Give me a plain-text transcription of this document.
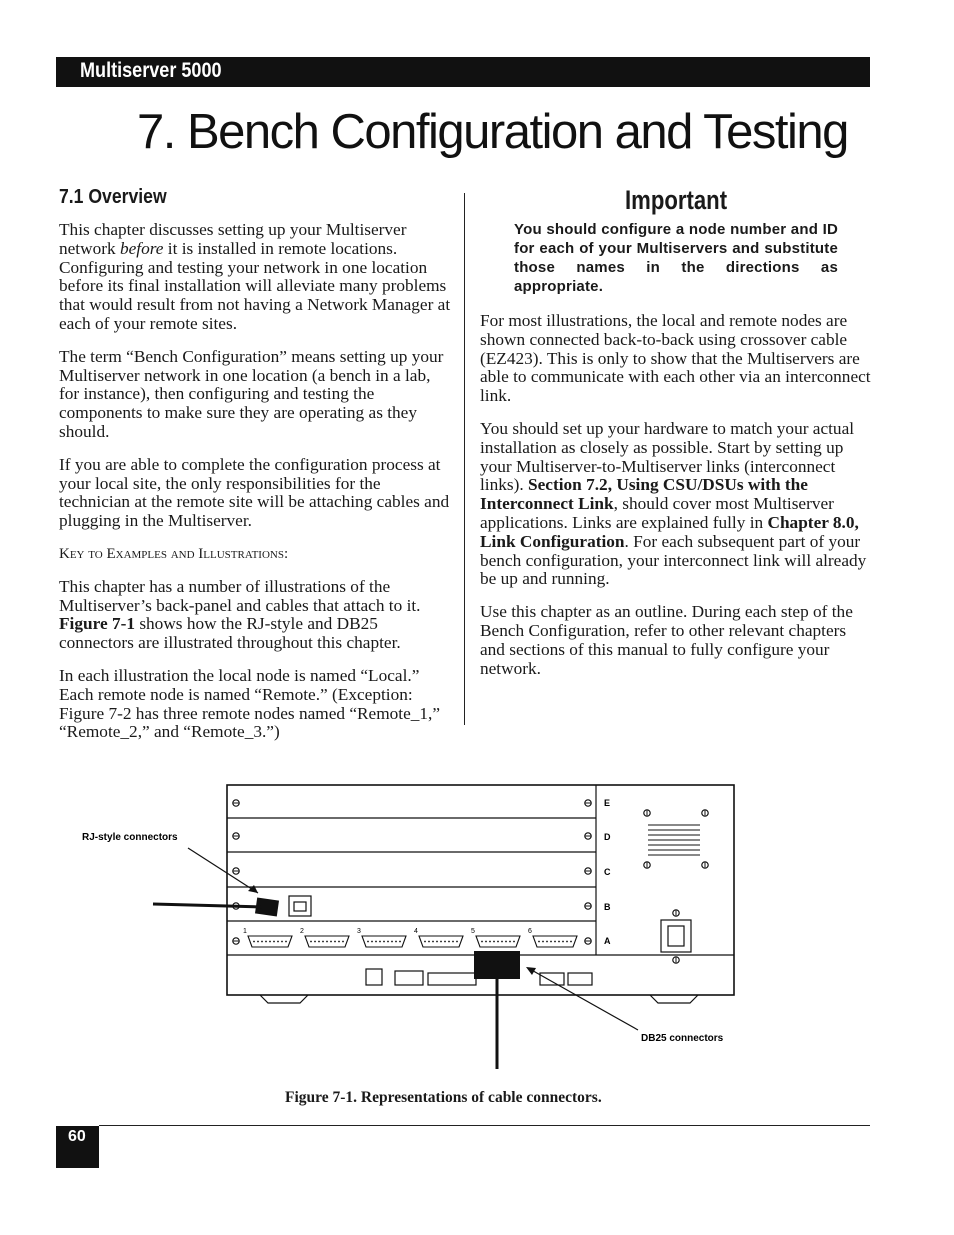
Multiserver 5000
7. Bench Configuration and Testing
7.1 Overview

This chapter discusses setting up your Multiserver network before it is installed in remote locations. Configuring and testing your network in one location before its final installation will alleviate many problems that would result from not having a Network Manager at each of your remote sites.

The term “Bench Configuration” means setting up your Multiserver network in one location (a bench in a lab, for instance), then configuring and testing the components to make sure they are operating as they should.

If you are able to complete the configuration process at your local site, the only responsibilities for the technician at the remote site will be attaching cables and plugging in the Multiserver.

Key to Examples and Illustrations:

This chapter has a number of illustrations of the Multiserver’s back-panel and cables that attach to it. Figure 7-1 shows how the RJ-style and DB25 connectors are illustrated throughout this chapter.

In each illustration the local node is named “Local.” Each remote node is named “Remote.” (Exception: Figure 7-2 has three remote nodes named “Remote_1,” “Remote_2,” and “Remote_3.”)

Important
You should configure a node number and ID for each of your Multiservers and substitute those names in the directions as appropriate.

For most illustrations, the local and remote nodes are shown connected back-to-back using crossover cable (EZ423). This is only to show that the Multiservers are able to communicate with each other via an interconnect link.

You should set up your hardware to match your actual installation as closely as possible. Start by setting up your Multiserver-to-Multiserver links (interconnect links). Section 7.2, Using CSU/DSUs with the Interconnect Link, should cover most Multiserver applications. Links are explained fully in Chapter 8.0, Link Configuration. For each subsequent part of your bench configuration, your interconnect link will already be up and running.

Use this chapter as an outline. During each step of the Bench Configuration, refer to other relevant chapters and sections of this manual to fully configure your network.

E
D
C
B
A
1	2	3	4	5	6
RJ-style connectors
DB25 connectors
Figure 7-1. Representations of cable connectors.
60
